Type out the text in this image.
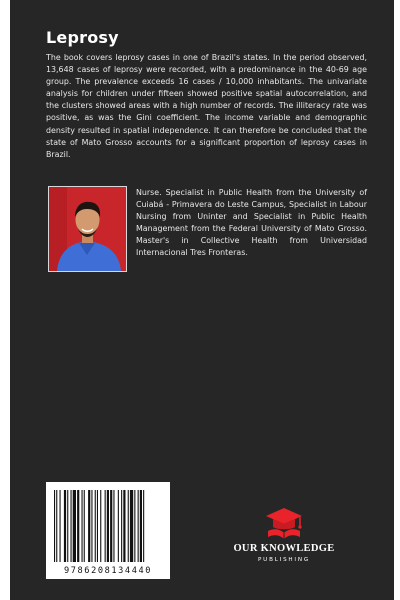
Leprosy

The book covers leprosy cases in one of Brazil's states. In the period observed, 13,648 cases of leprosy were recorded, with a predominance in the 40-69 age group. The prevalence exceeds 16 cases / 10,000 inhabitants. The univariate analysis for children under fifteen showed positive spatial autocorrelation, and the clusters showed areas with a high number of records. The illiteracy rate was positive, as was the Gini coefficient. The income variable and demographic density resulted in spatial independence. It can therefore be concluded that the state of Mato Grosso accounts for a significant proportion of leprosy cases in Brazil.

Nurse. Specialist in Public Health from the University of Cuiabá - Primavera do Leste Campus, Specialist in Labour Nursing from Uninter and Specialist in Public Health Management from the Federal University of Mato Grosso. Master's in Collective Health from Universidad Internacional Tres Fronteras.

9786208134440

OUR KNOWLEDGE

PUBLISHING
